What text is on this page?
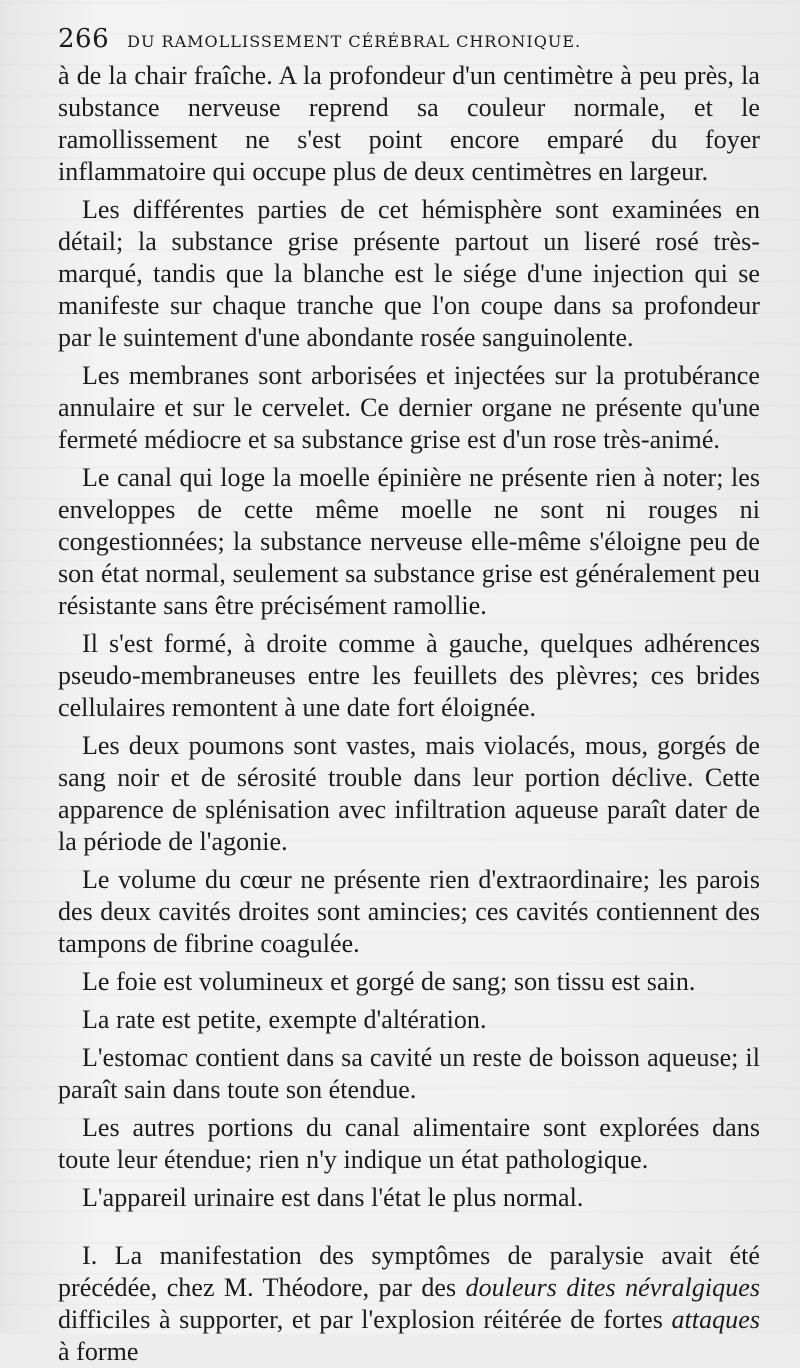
266 DU RAMOLLISSEMENT CÉRÉBRAL CHRONIQUE.

à de la chair fraîche. A la profondeur d'un centimètre à peu près, la substance nerveuse reprend sa couleur normale, et le ramollissement ne s'est point encore emparé du foyer inflammatoire qui occupe plus de deux centimètres en largeur.

Les différentes parties de cet hémisphère sont examinées en détail; la substance grise présente partout un liseré rosé très-marqué, tandis que la blanche est le siége d'une injection qui se manifeste sur chaque tranche que l'on coupe dans sa profondeur par le suintement d'une abondante rosée sanguinolente.

Les membranes sont arborisées et injectées sur la protubérance annulaire et sur le cervelet. Ce dernier organe ne présente qu'une fermeté médiocre et sa substance grise est d'un rose très-animé.

Le canal qui loge la moelle épinière ne présente rien à noter; les enveloppes de cette même moelle ne sont ni rouges ni congestionnées; la substance nerveuse elle-même s'éloigne peu de son état normal, seulement sa substance grise est généralement peu résistante sans être précisément ramollie.

Il s'est formé, à droite comme à gauche, quelques adhérences pseudo-membraneuses entre les feuillets des plèvres; ces brides cellulaires remontent à une date fort éloignée.

Les deux poumons sont vastes, mais violacés, mous, gorgés de sang noir et de sérosité trouble dans leur portion déclive. Cette apparence de splénisation avec infiltration aqueuse paraît dater de la période de l'agonie.

Le volume du cœur ne présente rien d'extraordinaire; les parois des deux cavités droites sont amincies; ces cavités contiennent des tampons de fibrine coagulée.

Le foie est volumineux et gorgé de sang; son tissu est sain.

La rate est petite, exempte d'altération.

L'estomac contient dans sa cavité un reste de boisson aqueuse; il paraît sain dans toute son étendue.

Les autres portions du canal alimentaire sont explorées dans toute leur étendue; rien n'y indique un état pathologique.

L'appareil urinaire est dans l'état le plus normal.

I. La manifestation des symptômes de paralysie avait été précédée, chez M. Théodore, par des douleurs dites névralgiques difficiles à supporter, et par l'explosion réitérée de fortes attaques à forme
